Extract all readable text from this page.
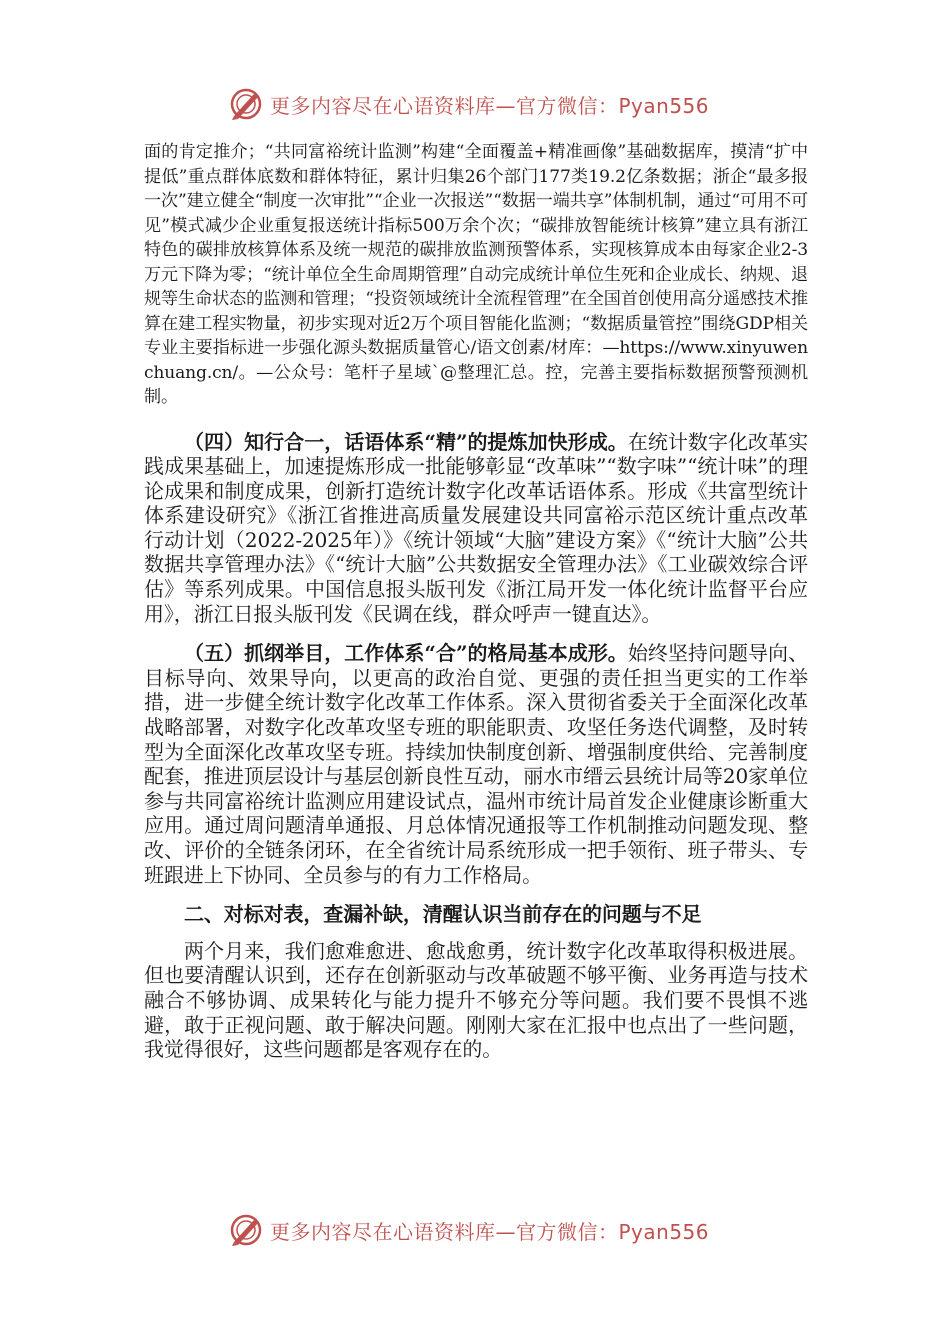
更多内容尽在心语资料库—官方微信：Pyan556

面的肯定推介；“共同富裕统计监测”构建“全面覆盖+精准画像”基础数据库，摸清“扩中提低”重点群体底数和群体特征，累计归集26个部门177类19.2亿条数据；浙企“最多报一次”建立健全“制度一次审批”“企业一次报送”“数据一端共享”体制机制，通过“可用不可见”模式减少企业重复报送统计指标500万余个次；“碳排放智能统计核算”建立具有浙江特色的碳排放核算体系及统一规范的碳排放监测预警体系，实现核算成本由每家企业2-3万元下降为零；“统计单位全生命周期管理”自动完成统计单位生死和企业成长、纳规、退规等生命状态的监测和管理；“投资领域统计全流程管理”在全国首创使用高分遥感技术推算在建工程实物量，初步实现对近2万个项目智能化监测；“数据质量管控”围绕GDP相关专业主要指标进一步强化源头数据质量管心/语文创素/材库：—https://www.xinyuwenchuang.cn/。—公众号：笔杆子星域`@整理汇总。控，完善主要指标数据预警预测机制。

（四）知行合一，话语体系“精”的提炼加快形成。在统计数字化改革实践成果基础上，加速提炼形成一批能够彰显“改革味”“数字味”“统计味”的理论成果和制度成果，创新打造统计数字化改革话语体系。形成《共富型统计体系建设研究》《浙江省推进高质量发展建设共同富裕示范区统计重点改革行动计划（2022-2025年）》《统计领域“大脑”建设方案》《“统计大脑”公共数据共享管理办法》《“统计大脑”公共数据安全管理办法》《工业碳效综合评估》等系列成果。中国信息报头版刊发《浙江局开发一体化统计监督平台应用》，浙江日报头版刊发《民调在线，群众呼声一键直达》。

（五）抓纲举目，工作体系“合”的格局基本成形。始终坚持问题导向、目标导向、效果导向，以更高的政治自觉、更强的责任担当更实的工作举措，进一步健全统计数字化改革工作体系。深入贯彻省委关于全面深化改革战略部署，对数字化改革攻坚专班的职能职责、攻坚任务迭代调整，及时转型为全面深化改革攻坚专班。持续加快制度创新、增强制度供给、完善制度配套，推进顶层设计与基层创新良性互动，丽水市缙云县统计局等20家单位参与共同富裕统计监测应用建设试点，温州市统计局首发企业健康诊断重大应用。通过周问题清单通报、月总体情况通报等工作机制推动问题发现、整改、评价的全链条闭环，在全省统计局系统形成一把手领衔、班子带头、专班跟进上下协同、全员参与的有力工作格局。

二、对标对表，查漏补缺，清醒认识当前存在的问题与不足

两个月来，我们愈难愈进、愈战愈勇，统计数字化改革取得积极进展。但也要清醒认识到，还存在创新驱动与改革破题不够平衡、业务再造与技术融合不够协调、成果转化与能力提升不够充分等问题。我们要不畏惧不逃避，敢于正视问题、敢于解决问题。刚刚大家在汇报中也点出了一些问题，我觉得很好，这些问题都是客观存在的。

更多内容尽在心语资料库—官方微信：Pyan556
